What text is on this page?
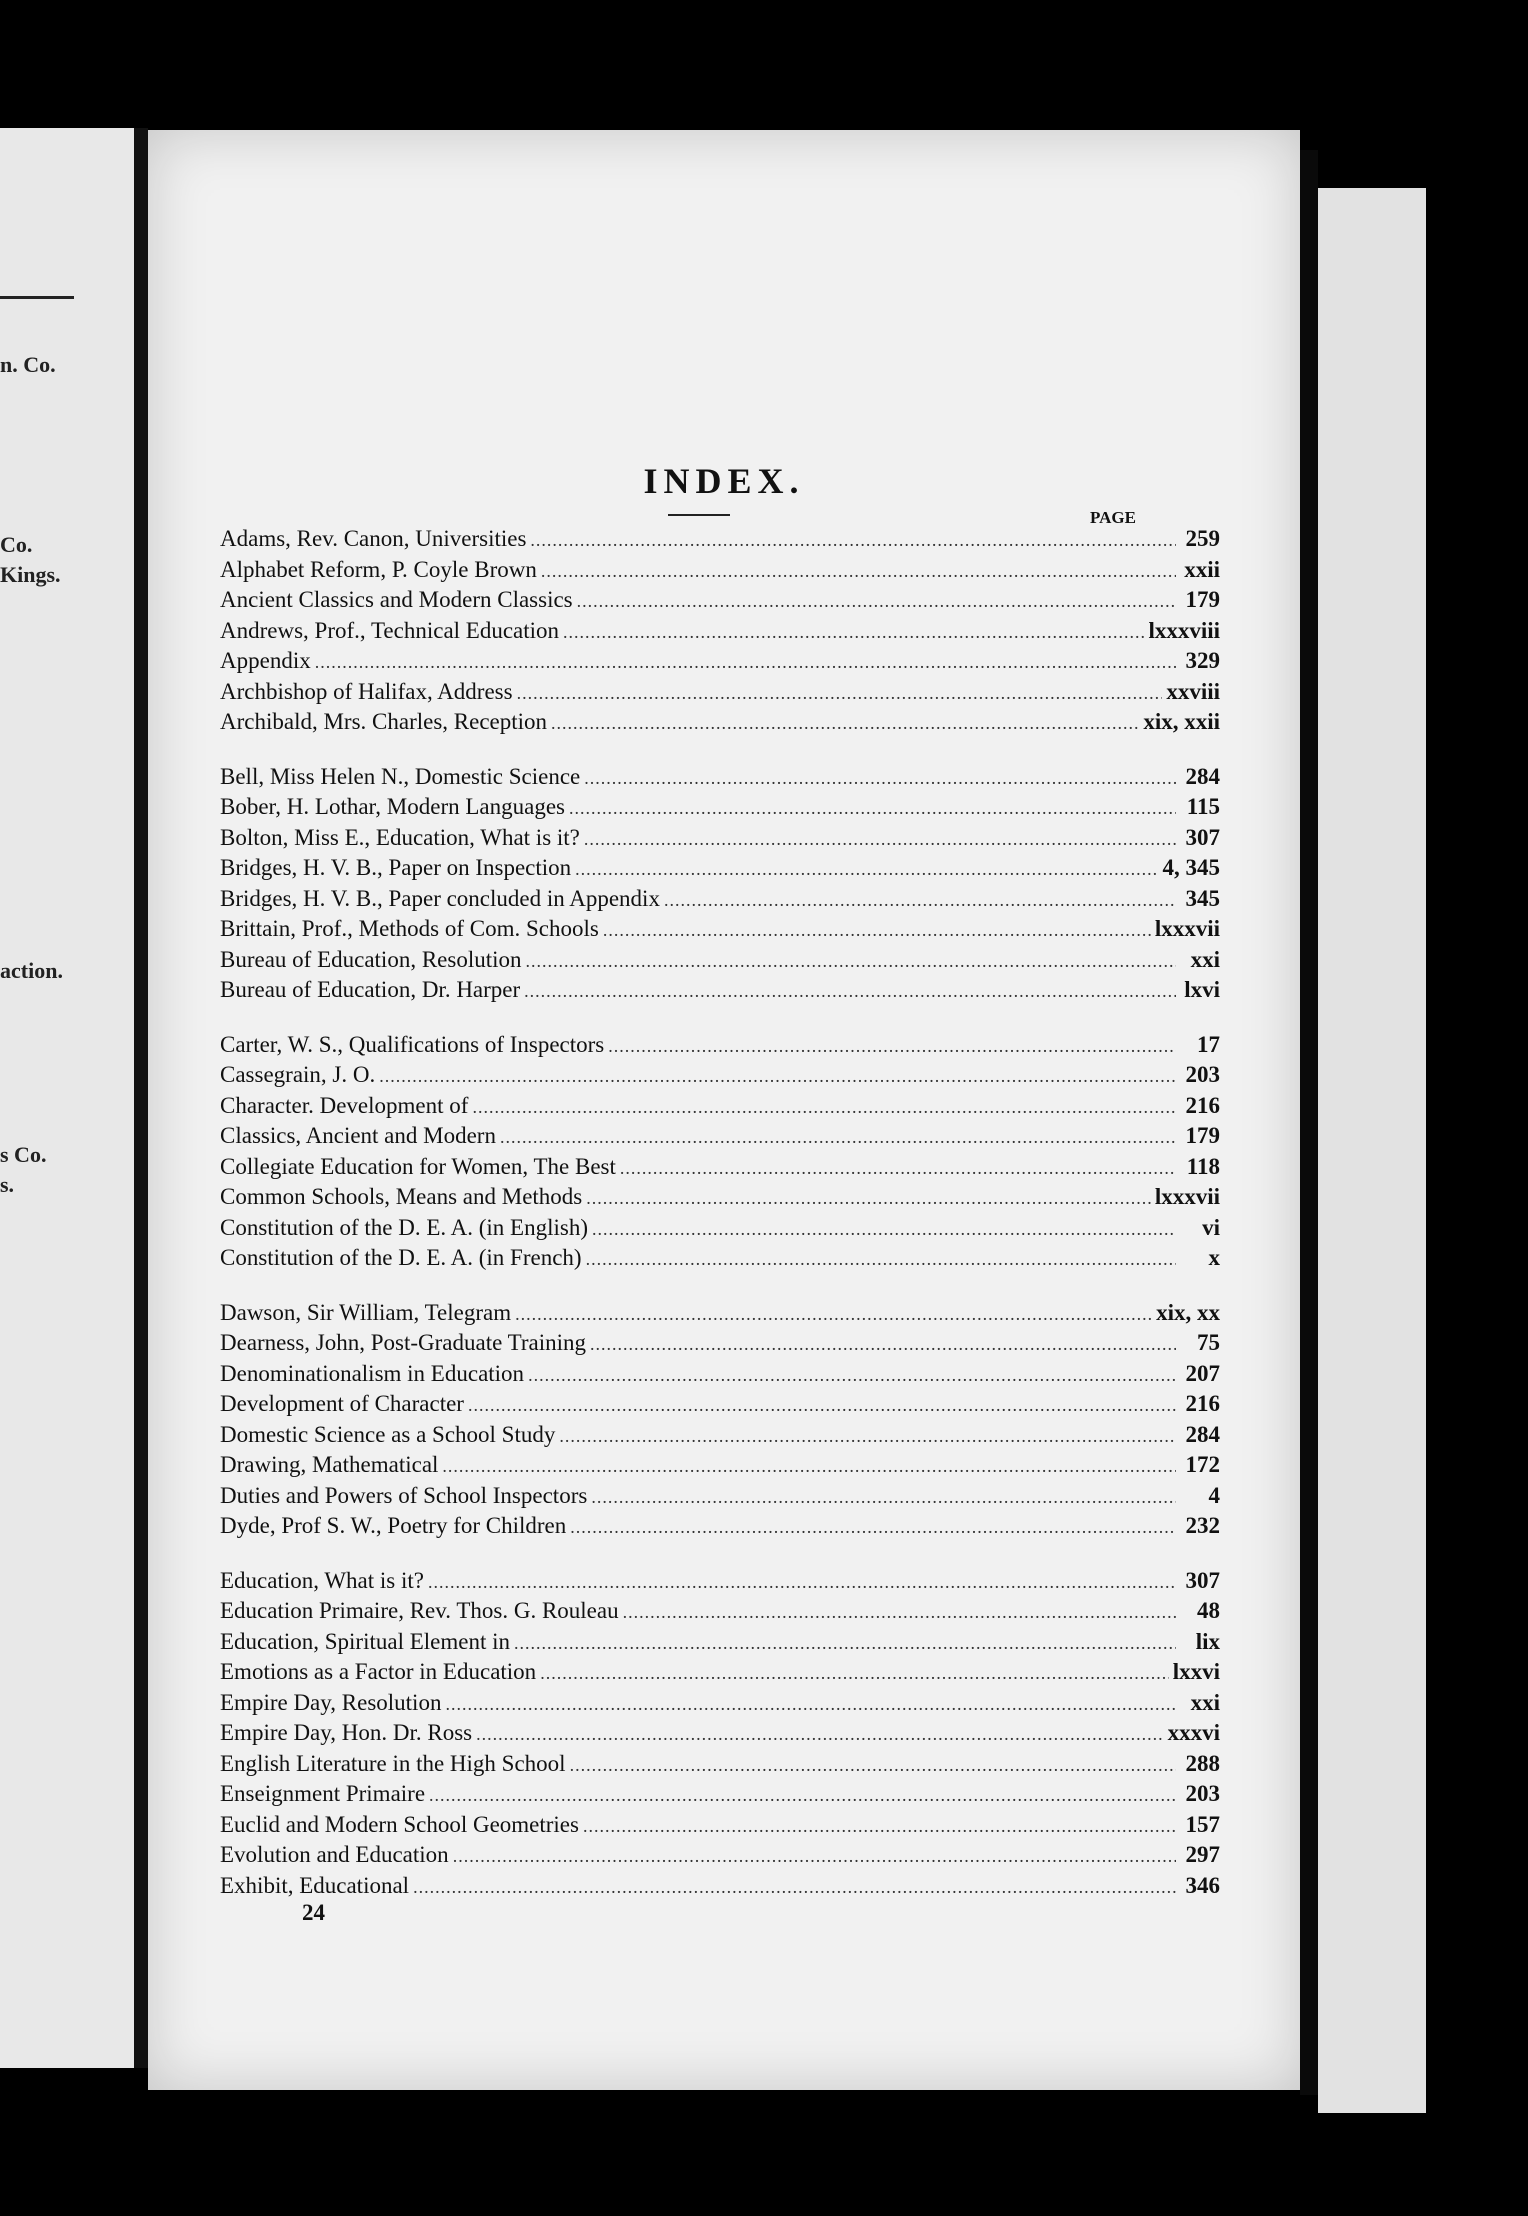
n. Co.
Co.
Kings.
action.
s Co.
s.
INDEX.
PAGE
Adams, Rev. Canon, Universities .....	259
Alphabet Reform, P. Coyle Brown .....	xxii
Ancient Classics and Modern Classics .....	179
Andrews, Prof., Technical Education .....	lxxxviii
Appendix .....	329
Archbishop of Halifax, Address .....	xxviii
Archibald, Mrs. Charles, Reception .....	xix, xxii
Bell, Miss Helen N., Domestic Science .....	284
Bober, H. Lothar, Modern Languages .....	115
Bolton, Miss E., Education, What is it? .....	307
Bridges, H. V. B., Paper on Inspection .....	4, 345
Bridges, H. V. B., Paper concluded in Appendix .....	345
Brittain, Prof., Methods of Com. Schools .....	lxxxvii
Bureau of Education, Resolution .....	xxi
Bureau of Education, Dr. Harper .....	lxvi
Carter, W. S., Qualifications of Inspectors .....	17
Cassegrain, J. O. .....	203
Character. Development of .....	216
Classics, Ancient and Modern .....	179
Collegiate Education for Women, The Best .....	118
Common Schools, Means and Methods .....	lxxxvii
Constitution of the D. E. A. (in English) .....	vi
Constitution of the D. E. A. (in French) .....	x
Dawson, Sir William, Telegram .....	xix, xx
Dearness, John, Post-Graduate Training .....	75
Denominationalism in Education .....	207
Development of Character .....	216
Domestic Science as a School Study .....	284
Drawing, Mathematical .....	172
Duties and Powers of School Inspectors .....	4
Dyde, Prof S. W., Poetry for Children .....	232
Education, What is it? .....	307
Education Primaire, Rev. Thos. G. Rouleau .....	48
Education, Spiritual Element in .....	lix
Emotions as a Factor in Education .....	lxxvi
Empire Day, Resolution .....	xxi
Empire Day, Hon. Dr. Ross .....	xxxvi
English Literature in the High School .....	288
Enseignment Primaire .....	203
Euclid and Modern School Geometries .....	157
Evolution and Education .....	297
Exhibit, Educational .....	346
24
